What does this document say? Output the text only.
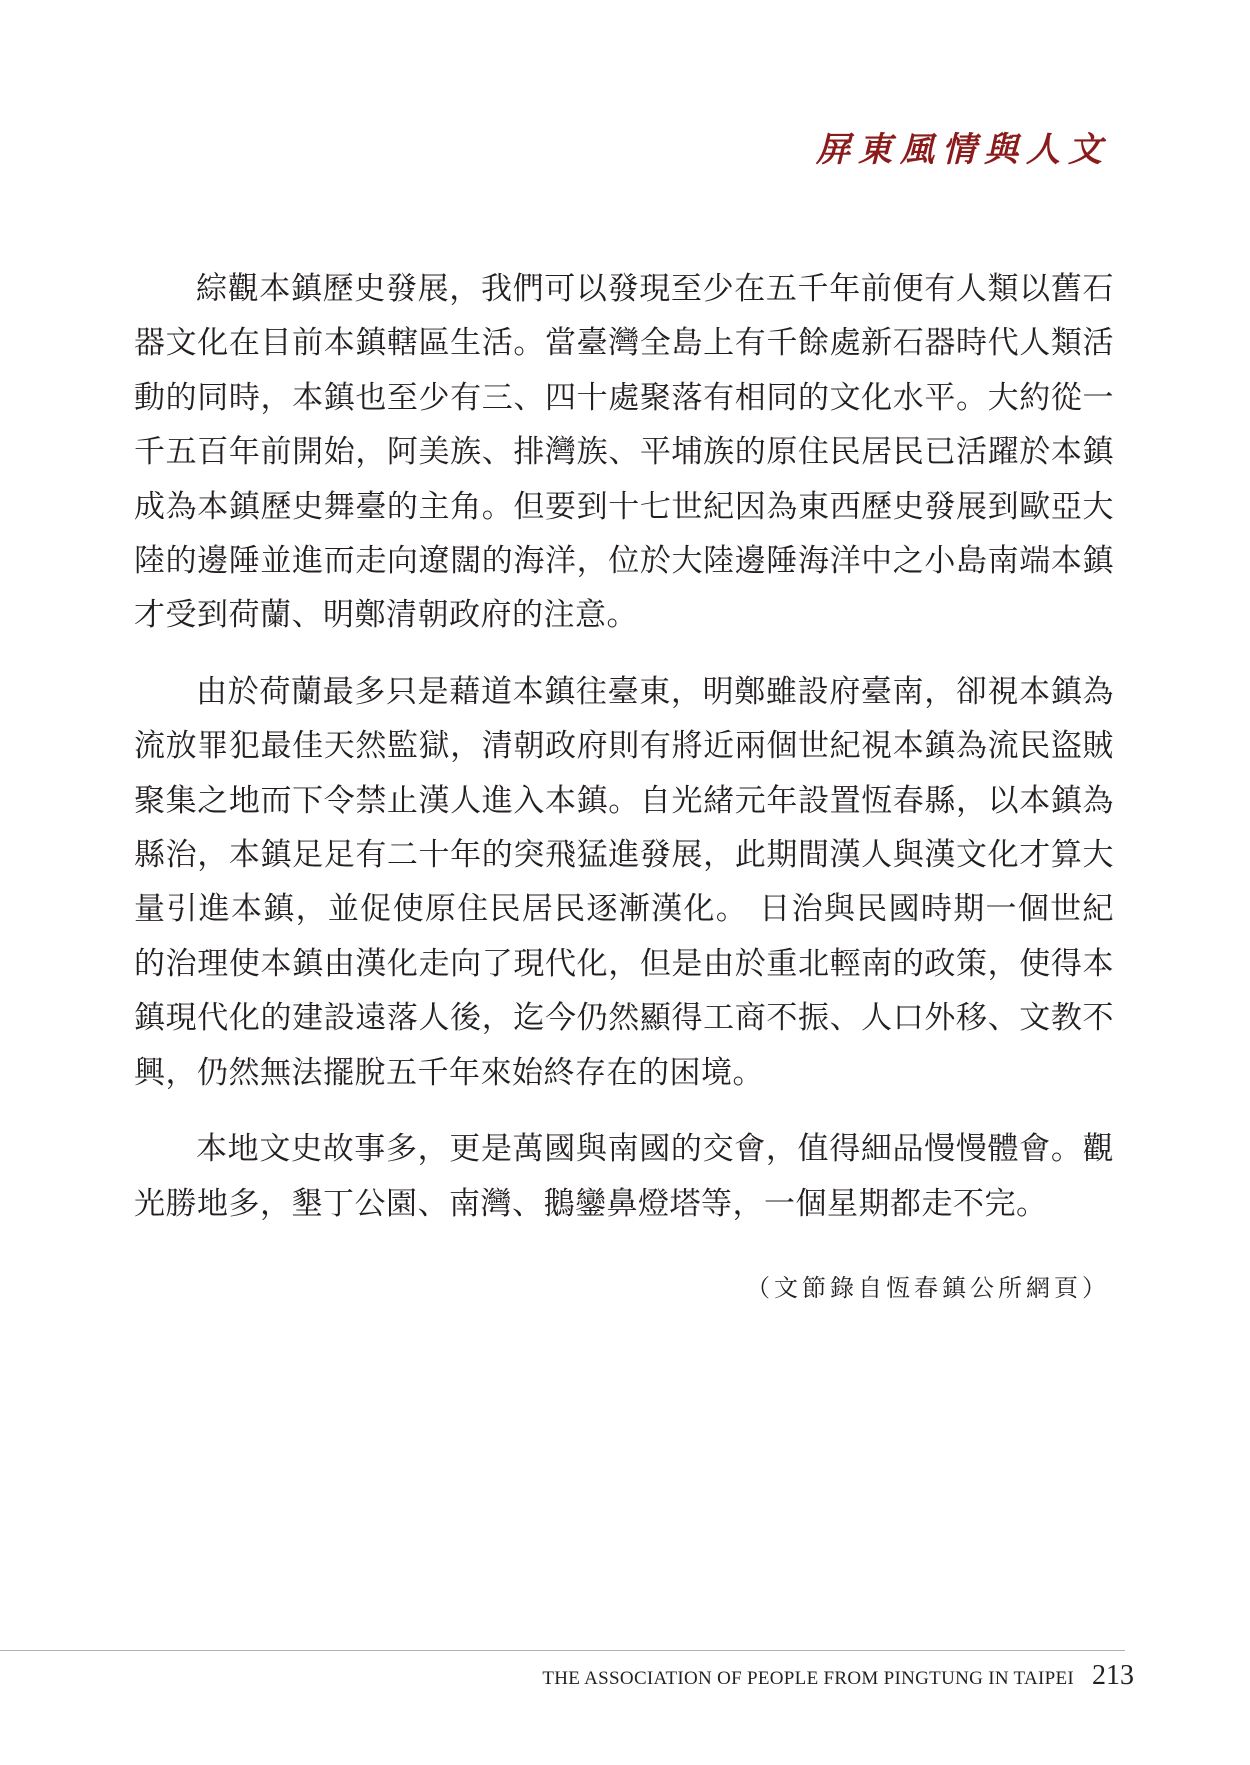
屏東風情與人文

綜觀本鎮歷史發展，我們可以發現至少在五千年前便有人類以舊石器文化在目前本鎮轄區生活。當臺灣全島上有千餘處新石器時代人類活動的同時，本鎮也至少有三、四十處聚落有相同的文化水平。大約從一千五百年前開始，阿美族、排灣族、平埔族的原住民居民已活躍於本鎮成為本鎮歷史舞臺的主角。但要到十七世紀因為東西歷史發展到歐亞大陸的邊陲並進而走向遼闊的海洋，位於大陸邊陲海洋中之小島南端本鎮才受到荷蘭、明鄭清朝政府的注意。

由於荷蘭最多只是藉道本鎮往臺東，明鄭雖設府臺南，卻視本鎮為流放罪犯最佳天然監獄，清朝政府則有將近兩個世紀視本鎮為流民盜賊聚集之地而下令禁止漢人進入本鎮。自光緒元年設置恆春縣，以本鎮為縣治，本鎮足足有二十年的突飛猛進發展，此期間漢人與漢文化才算大量引進本鎮，並促使原住民居民逐漸漢化。 日治與民國時期一個世紀的治理使本鎮由漢化走向了現代化，但是由於重北輕南的政策，使得本鎮現代化的建設遠落人後，迄今仍然顯得工商不振、人口外移、文教不興，仍然無法擺脫五千年來始終存在的困境。

本地文史故事多，更是萬國與南國的交會，值得細品慢慢體會。觀光勝地多，墾丁公園、南灣、鵝鑾鼻燈塔等，一個星期都走不完。

（文節錄自恆春鎮公所網頁）
THE ASSOCIATION OF PEOPLE FROM PINGTUNG IN TAIPEI 213
